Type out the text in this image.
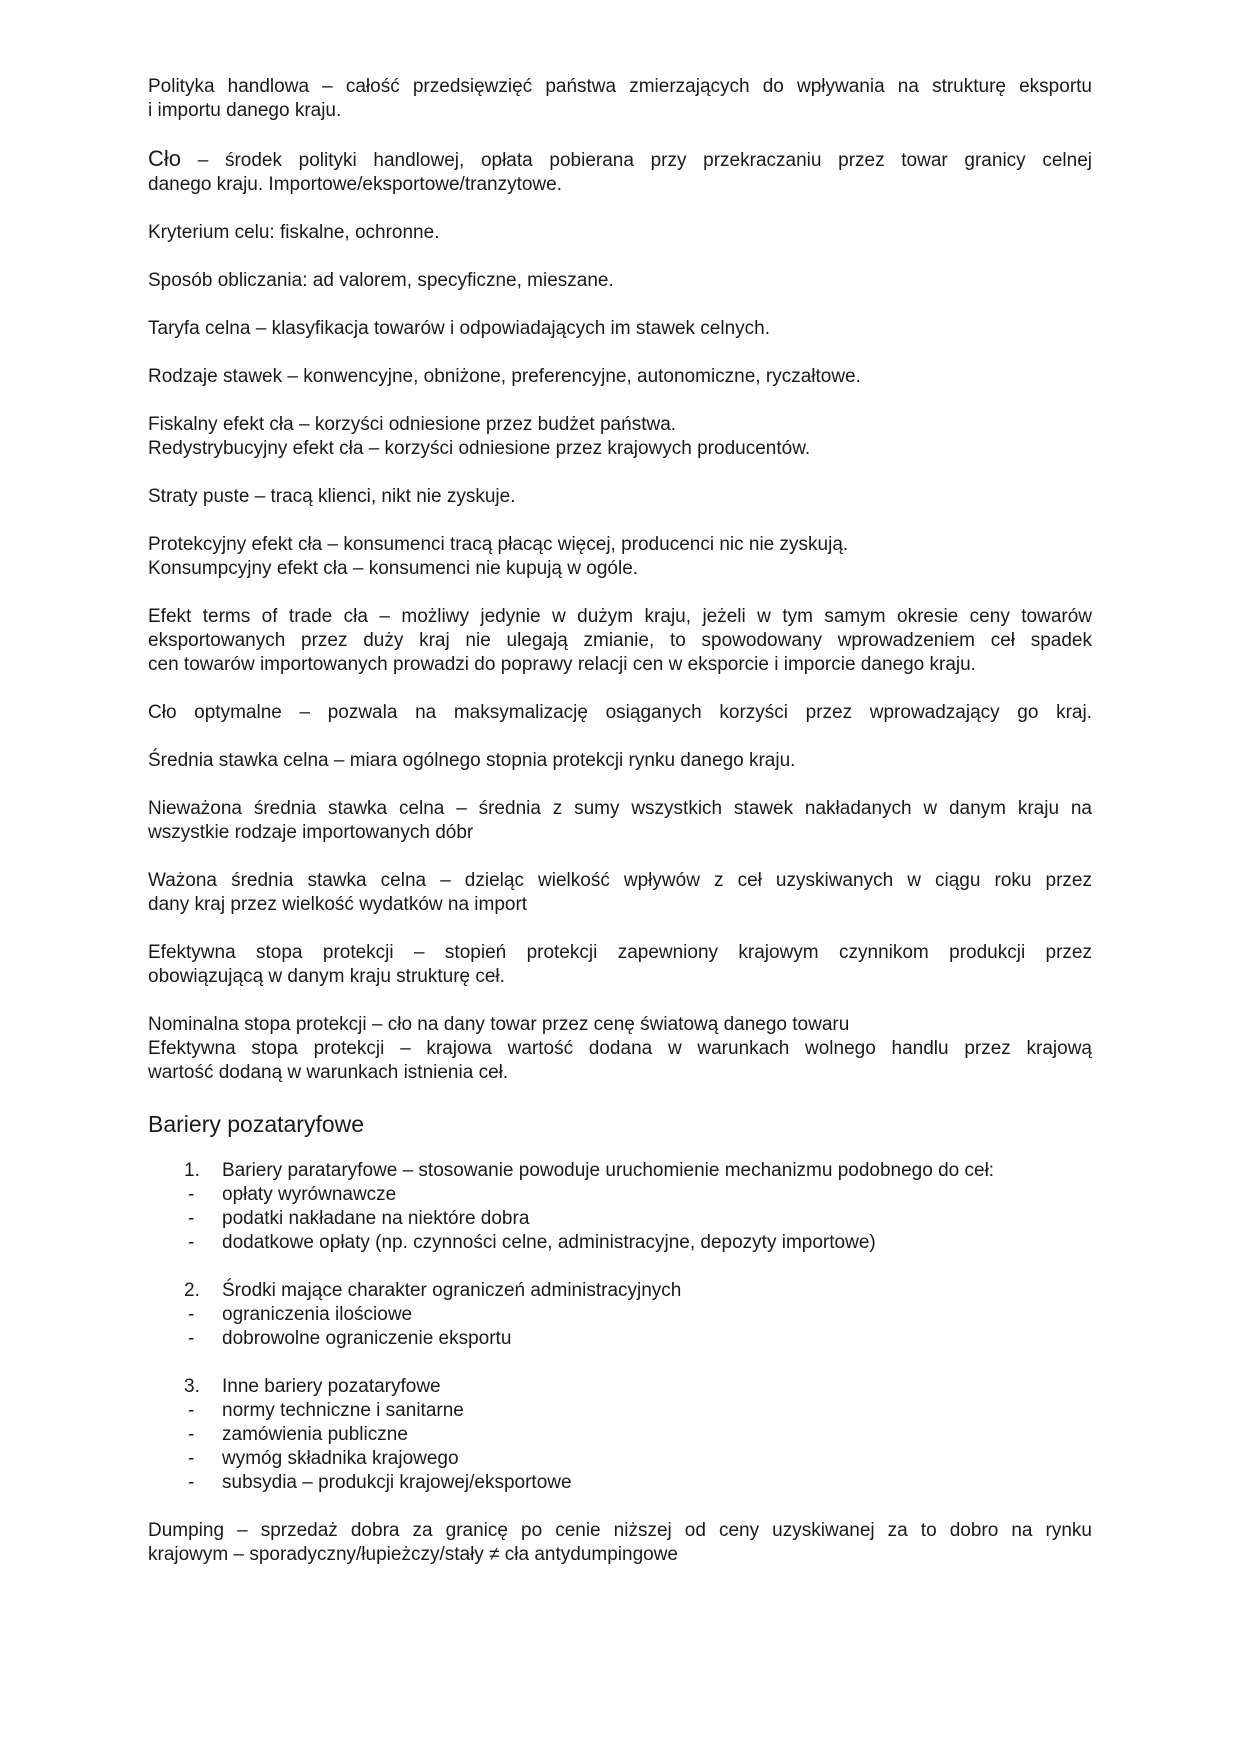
Polityka handlowa – całość przedsięwzięć państwa zmierzających do wpływania na strukturę eksportu
i importu danego kraju.
Cło – środek polityki handlowej, opłata pobierana przy przekraczaniu przez towar granicy celnej
danego kraju. Importowe/eksportowe/tranzytowe.
Kryterium celu: fiskalne, ochronne.
Sposób obliczania: ad valorem, specyficzne, mieszane.
Taryfa celna – klasyfikacja towarów i odpowiadających im stawek celnych.
Rodzaje stawek – konwencyjne, obniżone, preferencyjne, autonomiczne, ryczałtowe.
Fiskalny efekt cła – korzyści odniesione przez budżet państwa.
Redystrybucyjny efekt cła – korzyści odniesione przez krajowych producentów.
Straty puste – tracą klienci, nikt nie zyskuje.
Protekcyjny efekt cła – konsumenci tracą płacąc więcej, producenci nic nie zyskują.
Konsumpcyjny efekt cła – konsumenci nie kupują w ogóle.
Efekt terms of trade cła – możliwy jedynie w dużym kraju, jeżeli w tym samym okresie ceny towarów
eksportowanych przez duży kraj nie ulegają zmianie, to spowodowany wprowadzeniem ceł spadek
cen towarów importowanych prowadzi do poprawy relacji cen w eksporcie i imporcie danego kraju.
Cło optymalne – pozwala na maksymalizację osiąganych korzyści przez wprowadzający go kraj.
Średnia stawka celna – miara ogólnego stopnia protekcji rynku danego kraju.
Nieważona średnia stawka celna – średnia z sumy wszystkich stawek nakładanych w danym kraju na
wszystkie rodzaje importowanych dóbr
Ważona średnia stawka celna – dzieląc wielkość wpływów z ceł uzyskiwanych w ciągu roku przez
dany kraj przez wielkość wydatków na import
Efektywna stopa protekcji – stopień protekcji zapewniony krajowym czynnikom produkcji przez
obowiązującą w danym kraju strukturę ceł.
Nominalna stopa protekcji – cło na dany towar przez cenę światową danego towaru
Efektywna stopa protekcji – krajowa wartość dodana w warunkach wolnego handlu przez krajową
wartość dodaną w warunkach istnienia ceł.
Bariery pozataryfowe
1. Bariery parataryfowe – stosowanie powoduje uruchomienie mechanizmu podobnego do ceł:
- opłaty wyrównawcze
- podatki nakładane na niektóre dobra
- dodatkowe opłaty (np. czynności celne, administracyjne, depozyty importowe)
2. Środki mające charakter ograniczeń administracyjnych
- ograniczenia ilościowe
- dobrowolne ograniczenie eksportu
3. Inne bariery pozataryfowe
- normy techniczne i sanitarne
- zamówienia publiczne
- wymóg składnika krajowego
- subsydia – produkcji krajowej/eksportowe
Dumping – sprzedaż dobra za granicę po cenie niższej od ceny uzyskiwanej za to dobro na rynku
krajowym – sporadyczny/łupieżczy/stały ≠ cła antydumpingowe
